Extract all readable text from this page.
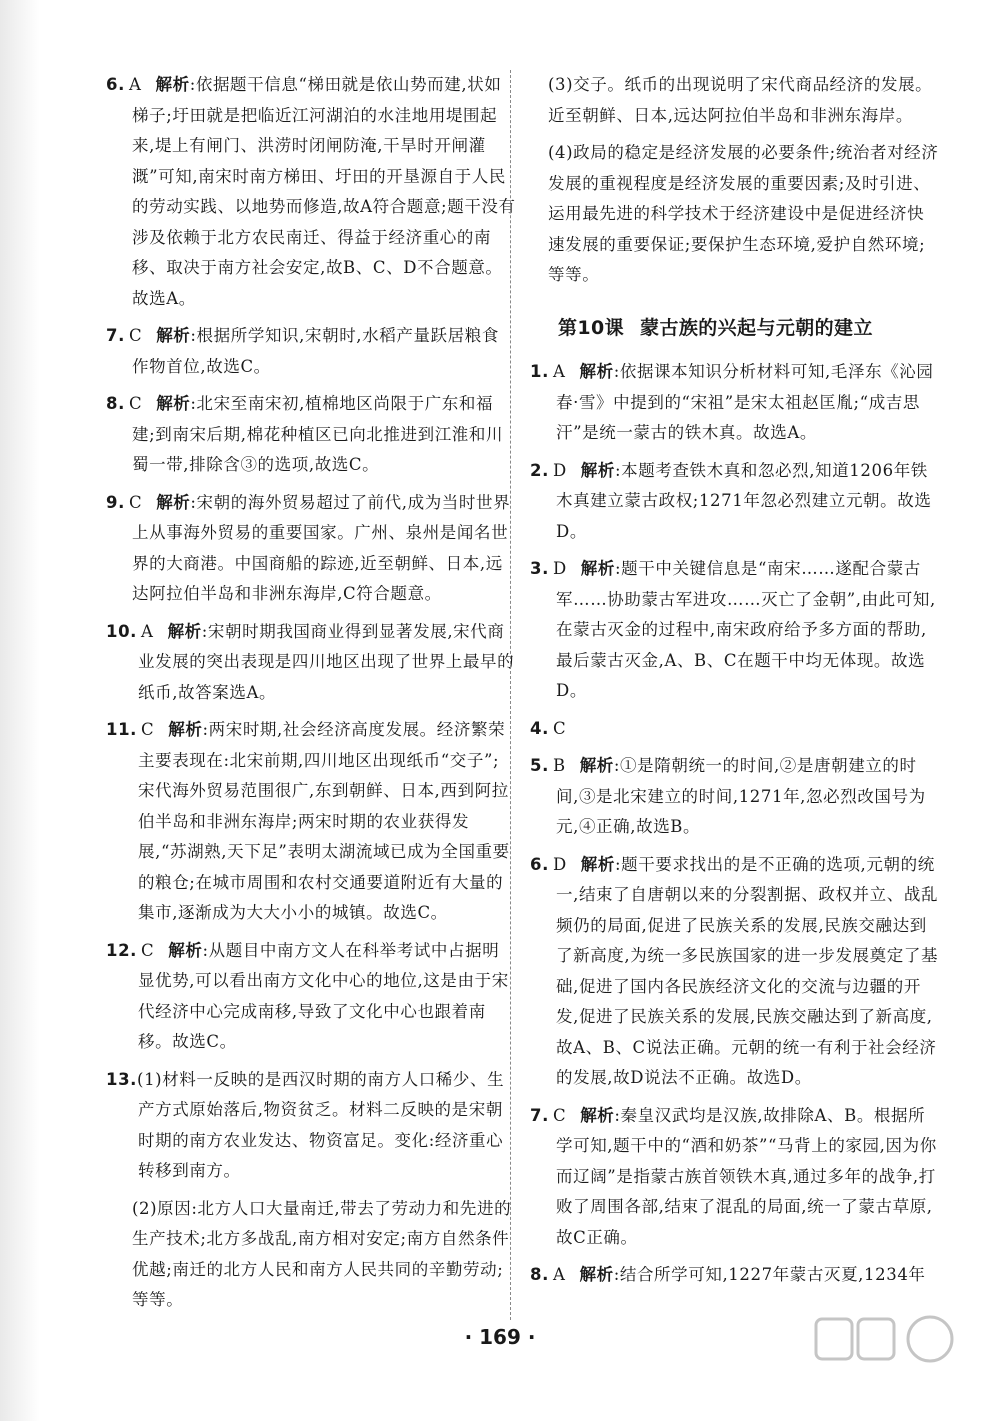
6. A 解析:依据题干信息“梯田就是依山势而建,状如梯子;圩田就是把临近江河湖泊的水洼地用堤围起来,堤上有闸门、洪涝时闭闸防淹,干旱时开闸灌溉”可知,南宋时南方梯田、圩田的开垦源自于人民的劳动实践、以地势而修造,故A符合题意;题干没有涉及依赖于北方农民南迁、得益于经济重心的南移、取决于南方社会安定,故B、C、D不合题意。故选A。

7. C 解析:根据所学知识,宋朝时,水稻产量跃居粮食作物首位,故选C。

8. C 解析:北宋至南宋初,植棉地区尚限于广东和福建;到南宋后期,棉花种植区已向北推进到江淮和川蜀一带,排除含③的选项,故选C。

9. C 解析:宋朝的海外贸易超过了前代,成为当时世界上从事海外贸易的重要国家。广州、泉州是闻名世界的大商港。中国商船的踪迹,近至朝鲜、日本,远达阿拉伯半岛和非洲东海岸,C符合题意。

10. A 解析:宋朝时期我国商业得到显著发展,宋代商业发展的突出表现是四川地区出现了世界上最早的纸币,故答案选A。

11. C 解析:两宋时期,社会经济高度发展。经济繁荣主要表现在:北宋前期,四川地区出现纸币“交子”;宋代海外贸易范围很广,东到朝鲜、日本,西到阿拉伯半岛和非洲东海岸;两宋时期的农业获得发展,“苏湖熟,天下足”表明太湖流域已成为全国重要的粮仓;在城市周围和农村交通要道附近有大量的集市,逐渐成为大大小小的城镇。故选C。

12. C 解析:从题目中南方文人在科举考试中占据明显优势,可以看出南方文化中心的地位,这是由于宋代经济中心完成南移,导致了文化中心也跟着南移。故选C。

13.(1)材料一反映的是西汉时期的南方人口稀少、生产方式原始落后,物资贫乏。材料二反映的是宋朝时期的南方农业发达、物资富足。变化:经济重心转移到南方。

(2)原因:北方人口大量南迁,带去了劳动力和先进的生产技术;北方多战乱,南方相对安定;南方自然条件优越;南迁的北方人民和南方人民共同的辛勤劳动;等等。

(3)交子。纸币的出现说明了宋代商品经济的发展。近至朝鲜、日本,远达阿拉伯半岛和非洲东海岸。

(4)政局的稳定是经济发展的必要条件;统治者对经济发展的重视程度是经济发展的重要因素;及时引进、运用最先进的科学技术于经济建设中是促进经济快速发展的重要保证;要保护生态环境,爱护自然环境;等等。

第10课 蒙古族的兴起与元朝的建立

1. A 解析:依据课本知识分析材料可知,毛泽东《沁园春·雪》中提到的“宋祖”是宋太祖赵匡胤;“成吉思汗”是统一蒙古的铁木真。故选A。

2. D 解析:本题考查铁木真和忽必烈,知道1206年铁木真建立蒙古政权;1271年忽必烈建立元朝。故选D。

3. D 解析:题干中关键信息是“南宋……遂配合蒙古军……协助蒙古军进攻……灭亡了金朝”,由此可知,在蒙古灭金的过程中,南宋政府给予多方面的帮助,最后蒙古灭金,A、B、C在题干中均无体现。故选D。

4. C

5. B 解析:①是隋朝统一的时间,②是唐朝建立的时间,③是北宋建立的时间,1271年,忽必烈改国号为元,④正确,故选B。

6. D 解析:题干要求找出的是不正确的选项,元朝的统一,结束了自唐朝以来的分裂割据、政权并立、战乱频仍的局面,促进了民族关系的发展,民族交融达到了新高度,为统一多民族国家的进一步发展奠定了基础,促进了国内各民族经济文化的交流与边疆的开发,促进了民族关系的发展,民族交融达到了新高度,故A、B、C说法正确。元朝的统一有利于社会经济的发展,故D说法不正确。故选D。

7. C 解析:秦皇汉武均是汉族,故排除A、B。根据所学可知,题干中的“酒和奶茶”“马背上的家园,因为你而辽阔”是指蒙古族首领铁木真,通过多年的战争,打败了周围各部,结束了混乱的局面,统一了蒙古草原,故C正确。

8. A 解析:结合所学可知,1227年蒙古灭夏,1234年

· 169 ·
